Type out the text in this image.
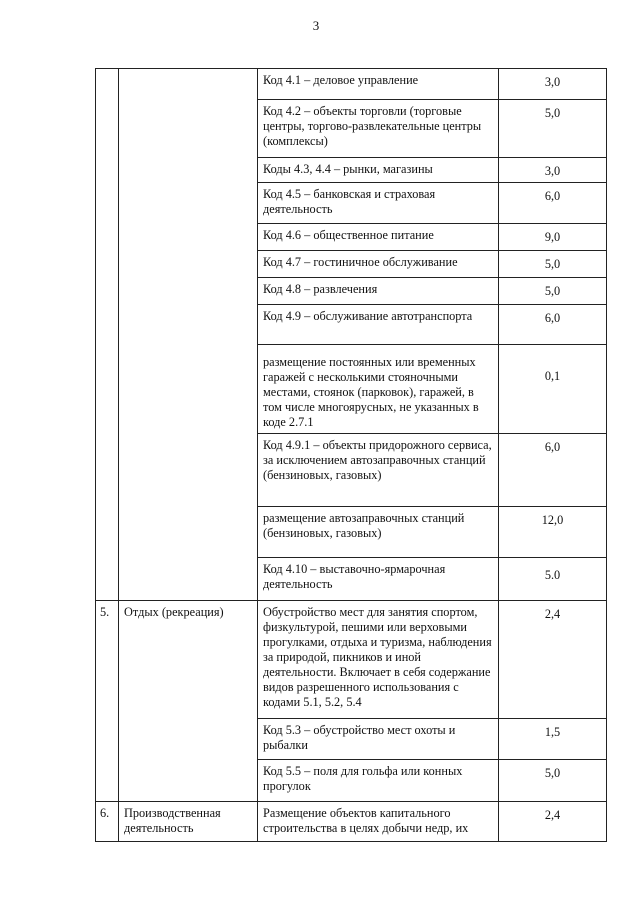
3
		Код 4.1 – деловое управление	3,0
		Код 4.2 – объекты торговли (торговые центры, торгово-развлекательные центры (комплексы)	5,0
		Коды 4.3, 4.4 – рынки, магазины	3,0
		Код 4.5 – банковская и страховая деятельность	6,0
		Код 4.6 – общественное питание	9,0
		Код 4.7 – гостиничное обслуживание	5,0
		Код 4.8 – развлечения	5,0
		Код 4.9 – обслуживание автотранспорта	6,0
		размещение постоянных или временных гаражей с несколькими стояночными местами, стоянок (парковок), гаражей, в том числе многоярусных, не указанных в коде 2.7.1	0,1
		Код 4.9.1 – объекты придорожного сервиса, за исключением автозаправочных станций (бензиновых, газовых)	6,0
		размещение автозаправочных станций (бензиновых, газовых)	12,0
		Код 4.10 – выставочно-ярмарочная деятельность	5.0
5.	Отдых (рекреация)	Обустройство мест для занятия спортом, физкультурой, пешими или верховыми прогулками, отдыха и туризма, наблюдения за природой, пикников и иной деятельности. Включает в себя содержание видов разрешенного использования с кодами 5.1, 5.2, 5.4	2,4
		Код 5.3 – обустройство мест охоты и рыбалки	1,5
		Код 5.5 – поля для гольфа или конных прогулок	5,0
6.	Производственная деятельность	Размещение объектов капитального строительства в целях добычи недр, их	2,4
